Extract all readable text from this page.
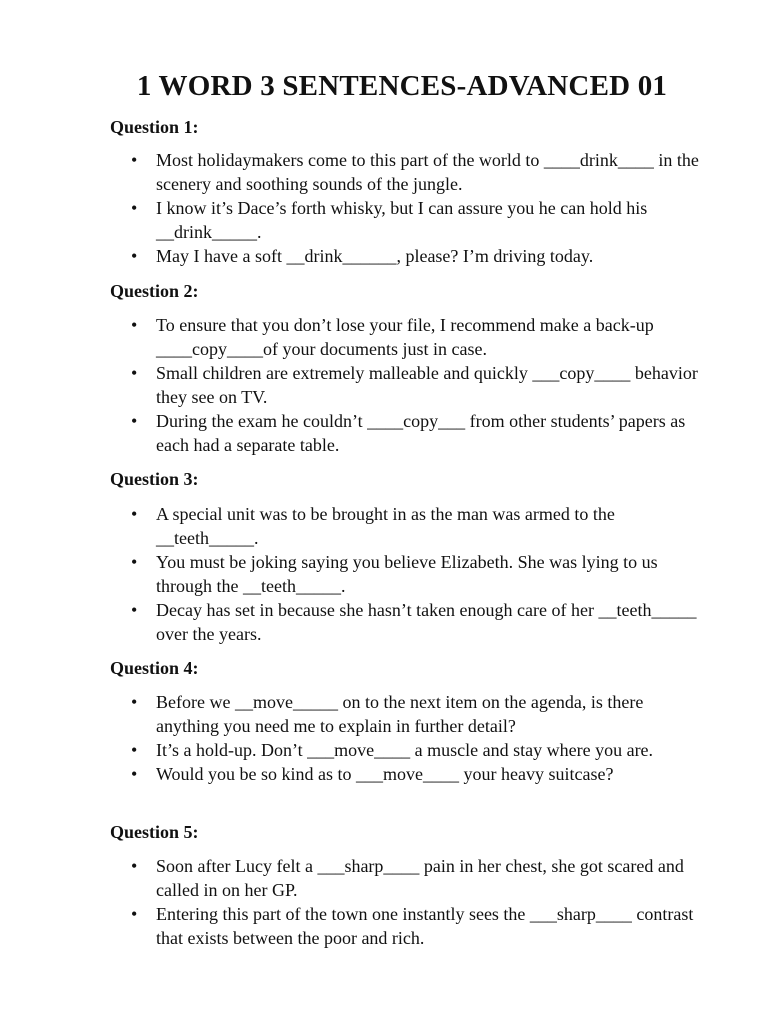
1 WORD 3 SENTENCES-ADVANCED 01
Question 1:
• Most holidaymakers come to this part of the world to ____drink____ in the scenery and soothing sounds of the jungle.
• I know it’s Dace’s forth whisky, but I can assure you he can hold his __drink_____.
• May I have a soft __drink______, please? I’m driving today.
Question 2:
• To ensure that you don’t lose your file, I recommend make a back-up ____copy____of your documents just in case.
• Small children are extremely malleable and quickly ___copy____ behavior they see on TV.
• During the exam he couldn’t ____copy___ from other students’ papers as each had a separate table.
Question 3:
• A special unit was to be brought in as the man was armed to the __teeth_____.
• You must be joking saying you believe Elizabeth. She was lying to us through the __teeth_____.
• Decay has set in because she hasn’t taken enough care of her __teeth_____ over the years.
Question 4:
• Before we __move_____ on to the next item on the agenda, is there anything you need me to explain in further detail?
• It’s a hold-up. Don’t ___move____ a muscle and stay where you are.
• Would you be so kind as to ___move____ your heavy suitcase?
Question 5:
• Soon after Lucy felt a ___sharp____ pain in her chest, she got scared and called in on her GP.
• Entering this part of the town one instantly sees the ___sharp____ contrast that exists between the poor and rich.
